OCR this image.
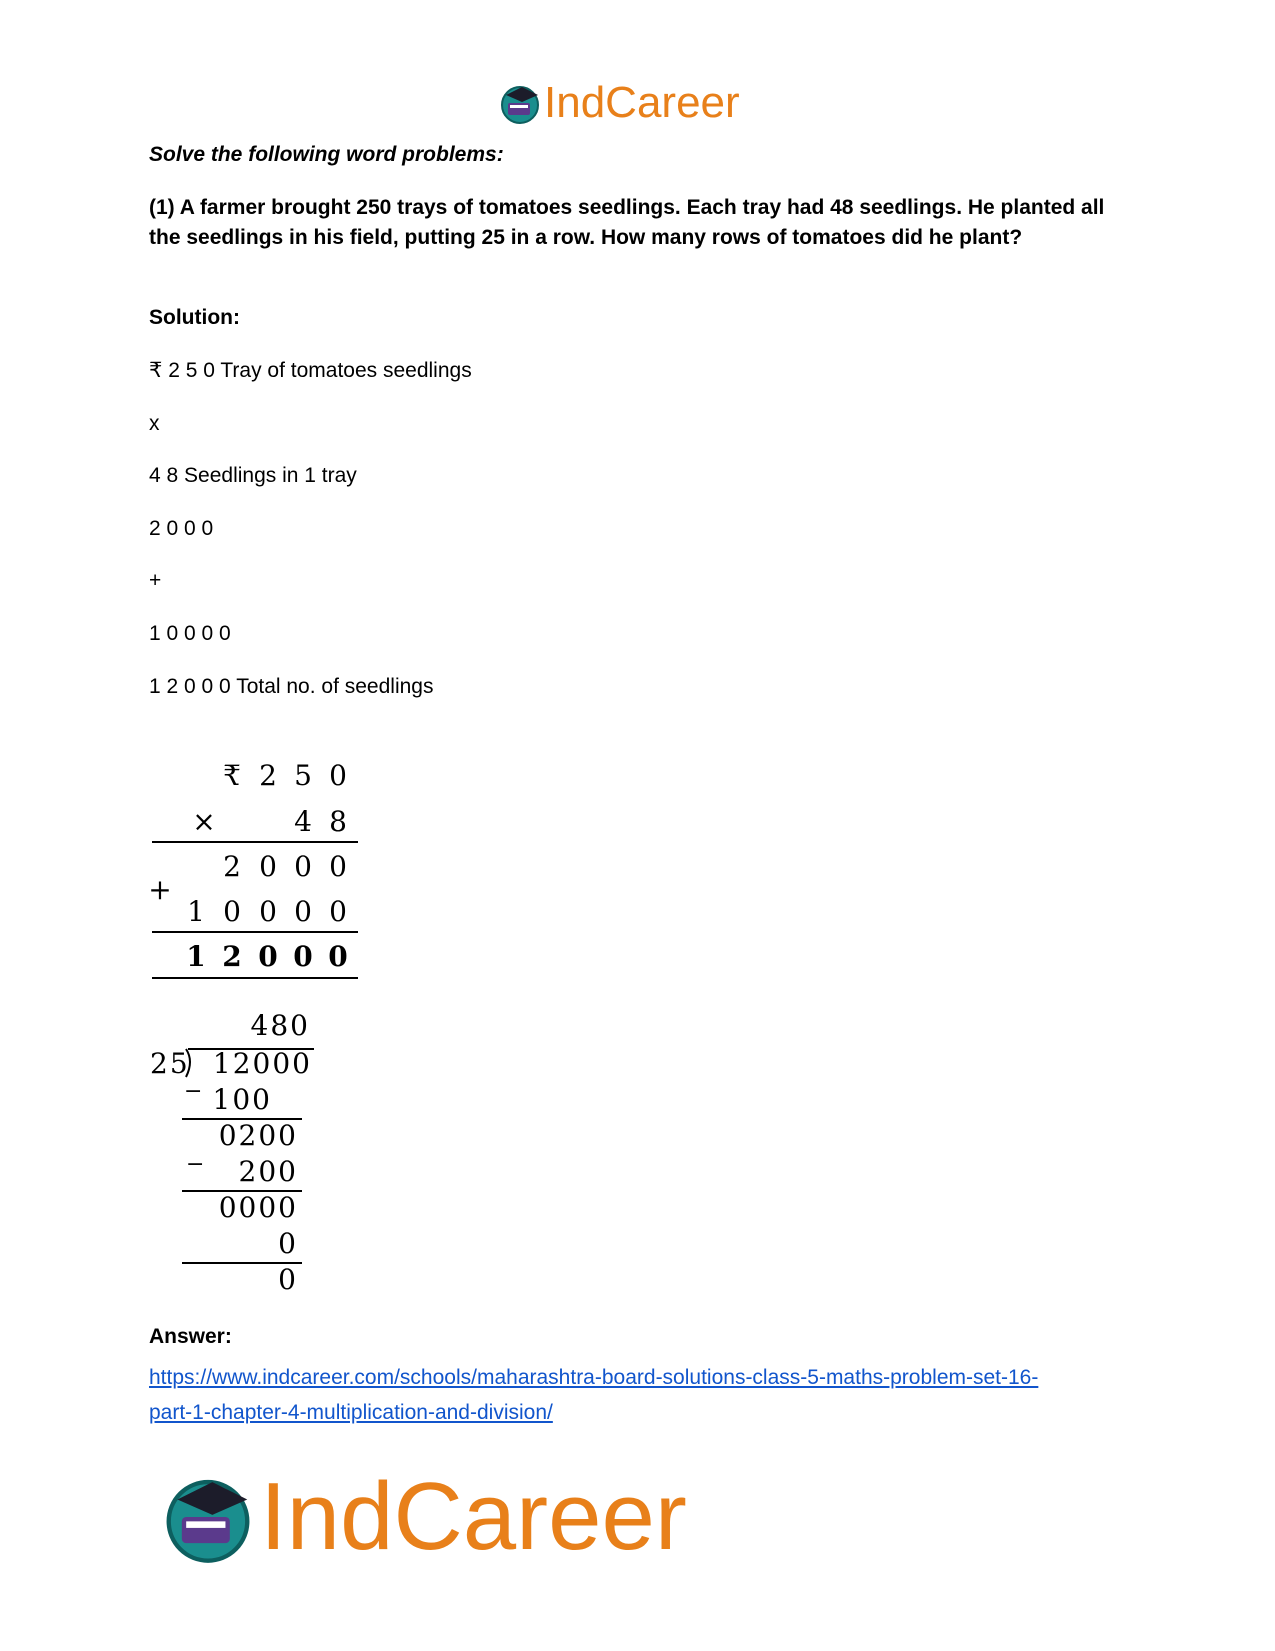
IndCareer
Solve the following word problems:
(1) A farmer brought 250 trays of tomatoes seedlings. Each tray had 48 seedlings. He planted all the seedlings in his field, putting 25 in a row. How many rows of tomatoes did he plant?
Solution:
₹ 2 5 0 Tray of tomatoes seedlings
x
4 8 Seedlings in 1 tray
2 0 0 0
+
1 0 0 0 0
1 2 0 0 0 Total no. of seedlings
₹ 2 5 0
×	4 8
2 0 0 0
+
1 0 0 0 0
1 2 0 0 0
480
25 12000
− 100
0200
− 200
0000
0
0
Answer:
https://www.indcareer.com/schools/maharashtra-board-solutions-class-5-maths-problem-set-16-
part-1-chapter-4-multiplication-and-division/
IndCareer
